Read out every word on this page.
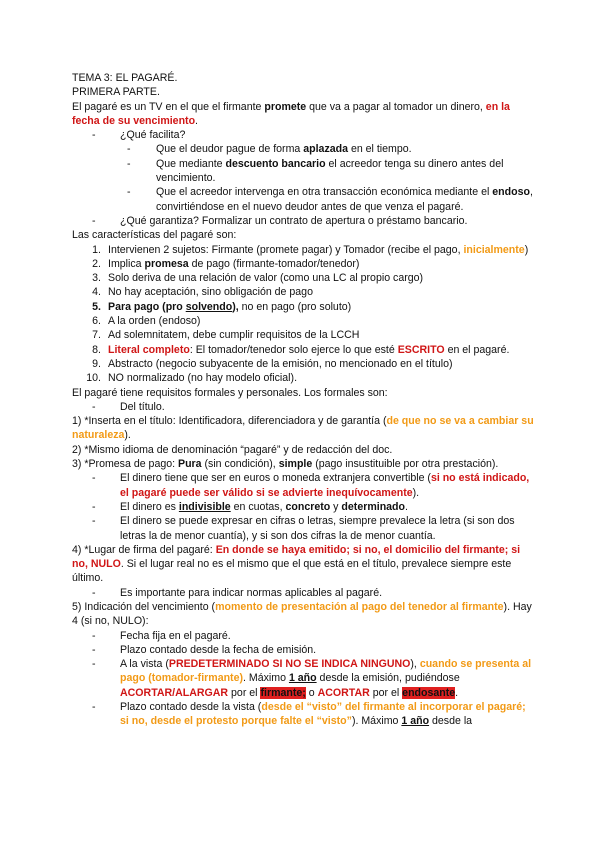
TEMA 3: EL PAGARÉ.

PRIMERA PARTE.

El pagaré es un TV en el que el firmante promete que va a pagar al tomador un dinero, en la fecha de su vencimiento.

- ¿Qué facilita?

- Que el deudor pague de forma aplazada en el tiempo.

- Que mediante descuento bancario el acreedor tenga su dinero antes del vencimiento.

- Que el acreedor intervenga en otra transacción económica mediante el endoso, convirtiéndose en el nuevo deudor antes de que venza el pagaré.

- ¿Qué garantiza? Formalizar un contrato de apertura o préstamo bancario.

Las características del pagaré son:

1. Intervienen 2 sujetos: Firmante (promete pagar) y Tomador (recibe el pago, inicialmente)

2. Implica promesa de pago (firmante-tomador/tenedor)

3. Solo deriva de una relación de valor (como una LC al propio cargo)

4. No hay aceptación, sino obligación de pago

5. Para pago (pro solvendo), no en pago (pro soluto)

6. A la orden (endoso)

7. Ad solemnitatem, debe cumplir requisitos de la LCCH

8. Literal completo: El tomador/tenedor solo ejerce lo que esté ESCRITO en el pagaré.

9. Abstracto (negocio subyacente de la emisión, no mencionado en el título)

10. NO normalizado (no hay modelo oficial).

El pagaré tiene requisitos formales y personales. Los formales son:

- Del título.

1) *Inserta en el título: Identificadora, diferenciadora y de garantía (de que no se va a cambiar su naturaleza).

2) *Mismo idioma de denominación “pagaré” y de redacción del doc.

3) *Promesa de pago: Pura (sin condición), simple (pago insustituible por otra prestación).

- El dinero tiene que ser en euros o moneda extranjera convertible (si no está indicado, el pagaré puede ser válido si se advierte inequívocamente).

- El dinero es indivisible en cuotas, concreto y determinado.

- El dinero se puede expresar en cifras o letras, siempre prevalece la letra (si son dos letras la de menor cuantía), y si son dos cifras la de menor cuantía.

4) *Lugar de firma del pagaré: En donde se haya emitido; si no, el domicilio del firmante; si no, NULO. Si el lugar real no es el mismo que el que está en el título, prevalece siempre este último.

- Es importante para indicar normas aplicables al pagaré.

5) Indicación del vencimiento (momento de presentación al pago del tenedor al firmante). Hay 4 (si no, NULO):

- Fecha fija en el pagaré.

- Plazo contado desde la fecha de emisión.

- A la vista (PREDETERMINADO SI NO SE INDICA NINGUNO), cuando se presenta al pago (tomador-firmante). Máximo 1 año desde la emisión, pudiéndose ACORTAR/ALARGAR por el firmante; o ACORTAR por el endosante.

- Plazo contado desde la vista (desde el “visto” del firmante al incorporar el pagaré; si no, desde el protesto porque falte el “visto”). Máximo 1 año desde la
